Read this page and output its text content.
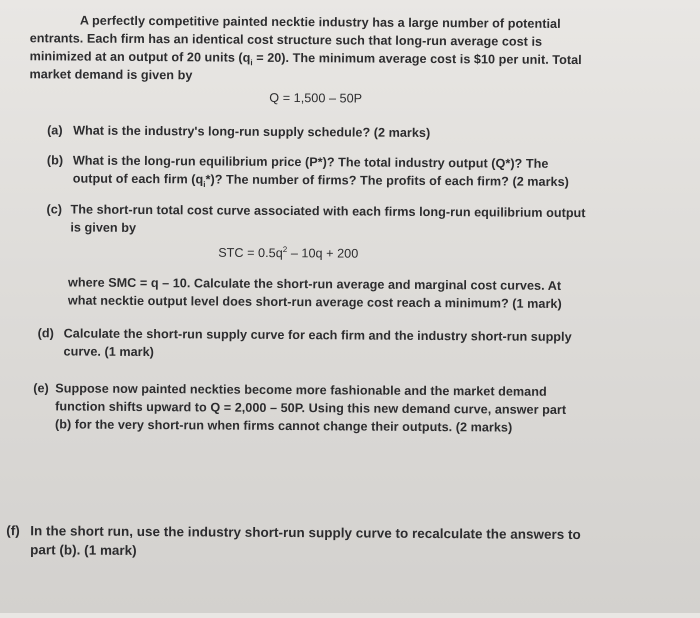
A perfectly competitive painted necktie industry has a large number of potential
entrants. Each firm has an identical cost structure such that long-run average cost is
minimized at an output of 20 units $(q_i = 20)$. The minimum average cost is $10 per unit. Total
market demand is given by
Q = 1,500 – 50P
(a) What is the industry's long-run supply schedule? (2 marks)
(b) What is the long-run equilibrium price (P*)? The total industry output (Q*)? The
output of each firm $(q_i*)$? The number of firms? The profits of each firm? (2 marks)
(c) The short-run total cost curve associated with each firms long-run equilibrium output
is given by
STC = $0.5q^2 - 10q + 200$
where SMC = q – 10. Calculate the short-run average and marginal cost curves. At
what necktie output level does short-run average cost reach a minimum? (1 mark)
(d) Calculate the short-run supply curve for each firm and the industry short-run supply
curve. (1 mark)
(e) Suppose now painted neckties become more fashionable and the market demand
function shifts upward to Q = 2,000 – 50P. Using this new demand curve, answer part
(b) for the very short-run when firms cannot change their outputs. (2 marks)
(f) In the short run, use the industry short-run supply curve to recalculate the answers to
part (b). (1 mark)
